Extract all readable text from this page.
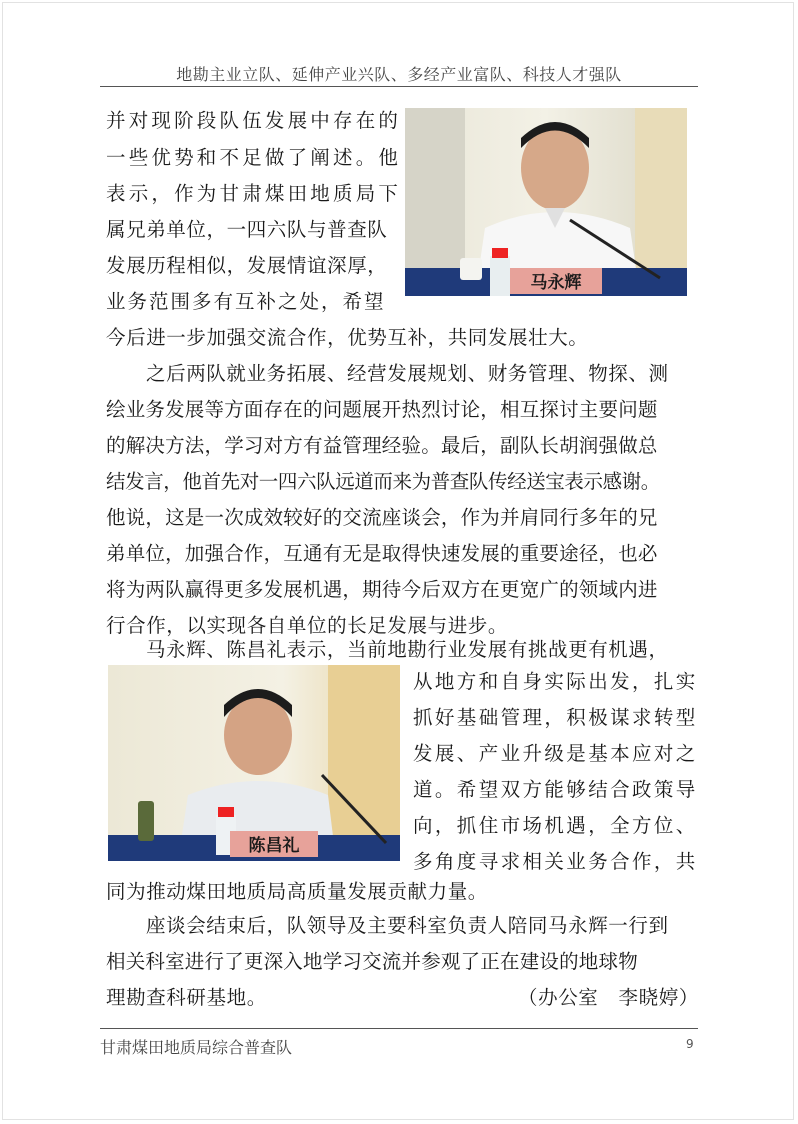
地勘主业立队、延伸产业兴队、多经产业富队、科技人才强队
马永辉
陈昌礼
并对现阶段队伍发展中存在的
一些优势和不足做了阐述。他
表示，作为甘肃煤田地质局下
属兄弟单位，一四六队与普查队
发展历程相似，发展情谊深厚，
业务范围多有互补之处，希望
今后进一步加强交流合作，优势互补，共同发展壮大。
之后两队就业务拓展、经营发展规划、财务管理、物探、测
绘业务发展等方面存在的问题展开热烈讨论，相互探讨主要问题
的解决方法，学习对方有益管理经验。最后，副队长胡润强做总
结发言，他首先对一四六队远道而来为普查队传经送宝表示感谢。
他说，这是一次成效较好的交流座谈会，作为并肩同行多年的兄
弟单位，加强合作，互通有无是取得快速发展的重要途径，也必
将为两队赢得更多发展机遇，期待今后双方在更宽广的领域内进
行合作，以实现各自单位的长足发展与进步。
马永辉、陈昌礼表示，当前地勘行业发展有挑战更有机遇，
从地方和自身实际出发，扎实
抓好基础管理，积极谋求转型
发展、产业升级是基本应对之
道。希望双方能够结合政策导
向，抓住市场机遇，全方位、
多角度寻求相关业务合作，共
同为推动煤田地质局高质量发展贡献力量。
座谈会结束后，队领导及主要科室负责人陪同马永辉一行到
相关科室进行了更深入地学习交流并参观了正在建设的地球物
理勘查科研基地。	（办公室　李晓婷）
甘肃煤田地质局综合普查队	9
